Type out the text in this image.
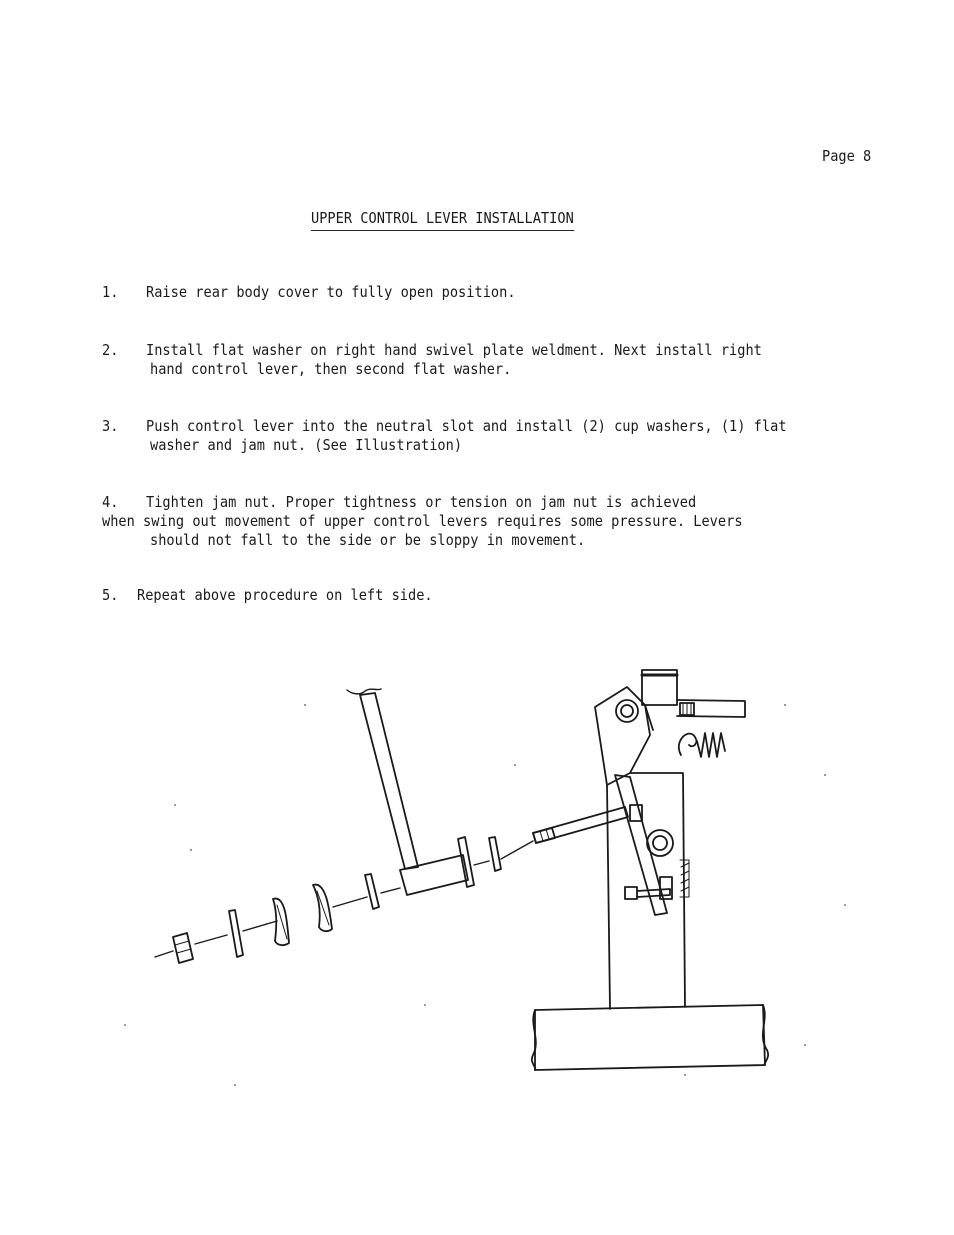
Page 8
UPPER CONTROL LEVER INSTALLATION
1. Raise rear body cover to fully open position.
2. Install flat washer on right hand swivel plate weldment. Next install right
hand control lever, then second flat washer.
3. Push control lever into the neutral slot and install (2) cup washers, (1) flat
washer and jam nut. (See Illustration)
4. Tighten jam nut. Proper tightness or tension on jam nut is achieved
when swing out movement of upper control levers requires some pressure. Levers
should not fall to the side or be sloppy in movement.
5. Repeat above procedure on left side.
